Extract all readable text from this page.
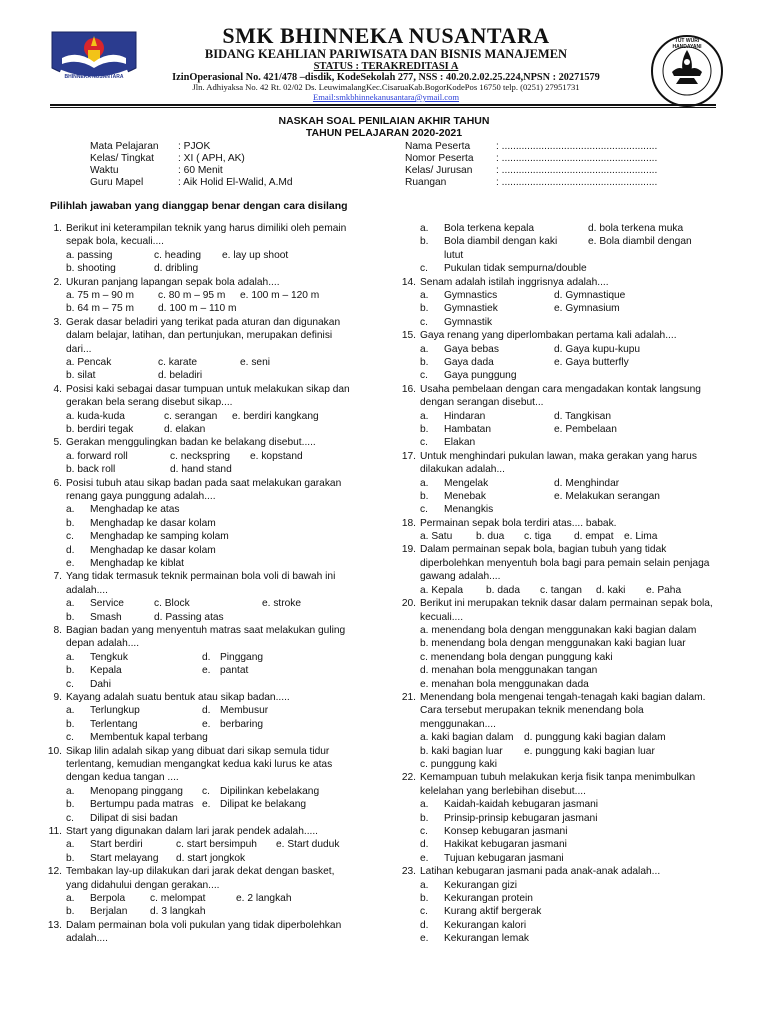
BHINNEKA NUSANTARA
SMK BHINNEKA NUSANTARA
BIDANG KEAHLIAN PARIWISATA DAN BISNIS MANAJEMEN
STATUS : TERAKREDITASI A
IzinOperasional No. 421/478 –disdik, KodeSekolah 277, NSS : 40.20.2.02.25.224,NPSN : 20271579
Jln. Adhiyaksa No. 42 Rt. 02/02 Ds. LeuwimalangKec.CisaruaKab.BogorKodePos 16750 telp. (0251) 27951731
Email:smkbhinnekanusantara@ymail.com
TUT WURI HANDAYANI
NASKAH SOAL PENILAIAN AKHIR TAHUN
TAHUN PELAJARAN 2020-2021
Mata Pelajaran : PJOK
Kelas/ Tingkat : XI ( APH, AK)
Waktu	: 60 Menit
Guru Mapel	: Aik Holid El-Walid, A.Md
Nama Peserta	: .......................................................
Nomor Peserta : .......................................................
Kelas/ Jurusan : .......................................................
Ruangan	: .......................................................
Pilihlah jawaban yang dianggap benar dengan cara disilang
1. Berikut ini keterampilan teknik yang harus dimiliki oleh pemain
sepak bola, kecuali....
a. passing	c. heading e. lay up shoot
b. shooting	d. dribling
2. Ukuran panjang lapangan sepak bola adalah....
a. 75 m – 90 m c. 80 m – 95 m e. 100 m – 120 m
b. 64 m – 75 m d. 100 m – 110 m
3. Gerak dasar beladiri yang terikat pada aturan dan digunakan
dalam belajar, latihan, dan pertunjukan, merupakan definisi
dari...
a. Pencak	c. karate	e. seni
b. silat	d. beladiri
4. Posisi kaki sebagai dasar tumpuan untuk melakukan sikap dan
gerakan bela serang disebut sikap....
a. kuda-kuda	c. serangan e. berdiri kangkang
b. berdiri tegak	d. elakan
5. Gerakan menggulingkan badan ke belakang disebut.....
a. forward roll	c. neckspring e. kopstand
b. back roll	d. hand stand
6. Posisi tubuh atau sikap badan pada saat melakukan garakan
renang gaya punggung adalah....
a. Menghadap ke atas
b. Menghadap ke dasar kolam
c. Menghadap ke samping kolam
d. Menghadap ke dasar kolam
e. Menghadap ke kiblat
7. Yang tidak termasuk teknik permainan bola voli di bawah ini
adalah....
a. Service	c. Block	e. stroke
b. Smash	d. Passing atas
8. Bagian badan yang menyentuh matras saat melakukan guling
depan adalah....
a. Tengkuk	d. Pinggang
b. Kepala	e. pantat
c. Dahi
9. Kayang adalah suatu bentuk atau sikap badan.....
a. Terlungkup	d. Membusur
b. Terlentang	e. berbaring
c. Membentuk kapal terbang
10. Sikap lilin adalah sikap yang dibuat dari sikap semula tidur
terlentang, kemudian mengangkat kedua kaki lurus ke atas
dengan kedua tangan ....
a. Menopang pinggang c. Dipilinkan kebelakang
b. Bertumpu pada matras e. Dilipat ke belakang
c. Dilipat di sisi badan
11. Start yang digunakan dalam lari jarak pendek adalah.....
a. Start berdiri	c. start bersimpuh e. Start duduk
b. Start melayang d. start jongkok
12. Tembakan lay-up dilakukan dari jarak dekat dengan basket,
yang didahului dengan gerakan....
a. Berpola c. melompat	e. 2 langkah
b. Berjalan d. 3 langkah
13. Dalam permainan bola voli pukulan yang tidak diperbolehkan
adalah....
a. Bola terkena kepala	d. bola terkena muka
b. Bola diambil dengan kaki	e. Bola diambil dengan
lutut
c. Pukulan tidak sempurna/double
14. Senam adalah istilah inggrisnya adalah....
a. Gymnastics	d. Gymnastique
b. Gymnastiek	e. Gymnasium
c. Gymnastik
15. Gaya renang yang diperlombakan pertama kali adalah....
a. Gaya bebas	d. Gaya kupu-kupu
b. Gaya dada	e. Gaya butterfly
c. Gaya punggung
16. Usaha pembelaan dengan cara mengadakan kontak langsung
dengan serangan disebut...
a. Hindaran	d. Tangkisan
b. Hambatan	e. Pembelaan
c. Elakan
17. Untuk menghindari pukulan lawan, maka gerakan yang harus
dilakukan adalah...
a. Mengelak	d. Menghindar
b. Menebak	e. Melakukan serangan
c. Menangkis
18. Permainan sepak bola terdiri atas.... babak.
a. Satu b. dua c. tiga d. empat e. Lima
19. Dalam permainan sepak bola, bagian tubuh yang tidak
diperbolehkan menyentuh bola bagi para pemain selain penjaga
gawang adalah....
a. Kepala b. dada c. tangan d. kaki e. Paha
20. Berikut ini merupakan teknik dasar dalam permainan sepak bola,
kecuali....
a. menendang bola dengan menggunakan kaki bagian dalam
b. menendang bola dengan menggunakan kaki bagian luar
c. menendang bola dengan punggung kaki
d. menahan bola menggunakan tangan
e. menahan bola menggunakan dada
21. Menendang bola mengenai tengah-tenagah kaki bagian dalam.
Cara tersebut merupakan teknik menendang bola
menggunakan....
a. kaki bagian dalam d. punggung kaki bagian dalam
b. kaki bagian luar e. punggung kaki bagian luar
c. punggung kaki
22. Kemampuan tubuh melakukan kerja fisik tanpa menimbulkan
kelelahan yang berlebihan disebut....
a. Kaidah-kaidah kebugaran jasmani
b. Prinsip-prinsip kebugaran jasmani
c. Konsep kebugaran jasmani
d. Hakikat kebugaran jasmani
e. Tujuan kebugaran jasmani
23. Latihan kebugaran jasmani pada anak-anak adalah...
a. Kekurangan gizi
b. Kekurangan protein
c. Kurang aktif bergerak
d. Kekurangan kalori
e. Kekurangan lemak
